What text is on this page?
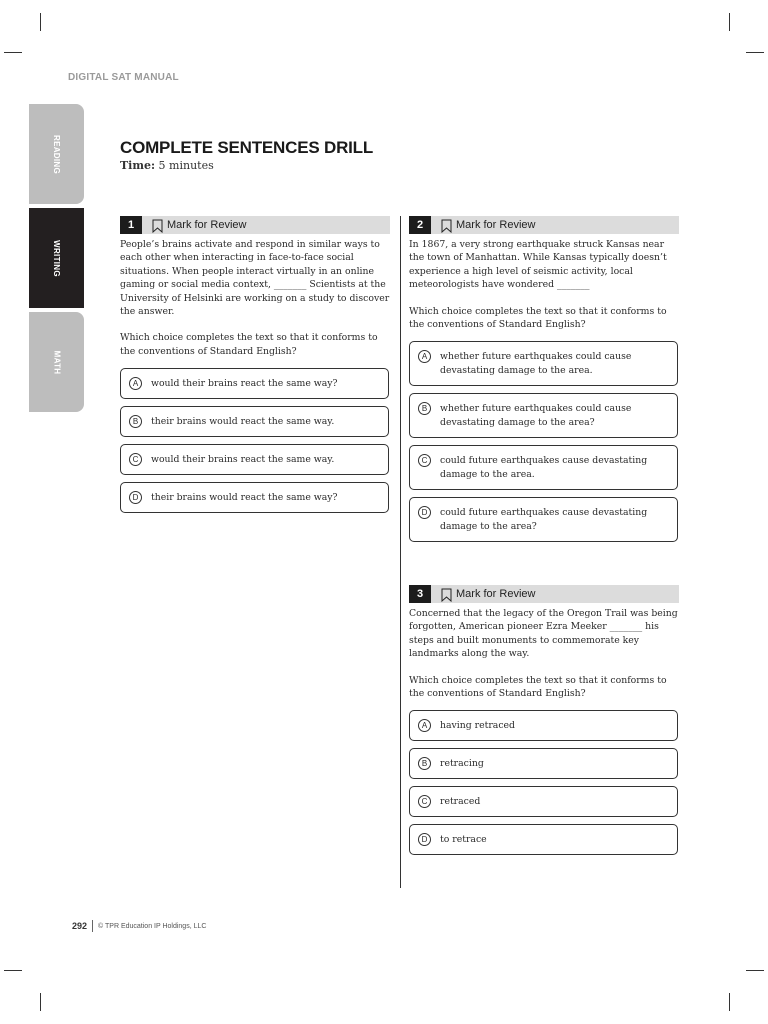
DIGITAL SAT MANUAL
READING
WRITING
MATH
COMPLETE SENTENCES DRILL
Time: 5 minutes
1	Mark for Review
People’s brains activate and respond in similar ways to each other when interacting in face-to-face social situations. When people interact virtually in an online gaming or social media context, _______ Scientists at the University of Helsinki are working on a study to discover the answer.
Which choice completes the text so that it conforms to the conventions of Standard English?
A	would their brains react the same way?
B	their brains would react the same way.
C	would their brains react the same way.
D	their brains would react the same way?
2	Mark for Review
In 1867, a very strong earthquake struck Kansas near the town of Manhattan. While Kansas typically doesn’t experience a high level of seismic activity, local meteorologists have wondered _______
Which choice completes the text so that it conforms to the conventions of Standard English?
A	whether future earthquakes could cause devastating damage to the area.
B	whether future earthquakes could cause devastating damage to the area?
C	could future earthquakes cause devastating damage to the area.
D	could future earthquakes cause devastating damage to the area?
3	Mark for Review
Concerned that the legacy of the Oregon Trail was being forgotten, American pioneer Ezra Meeker _______ his steps and built monuments to commemorate key landmarks along the way.
Which choice completes the text so that it conforms to the conventions of Standard English?
A	having retraced
B	retracing
C	retraced
D	to retrace
292 © TPR Education IP Holdings, LLC
